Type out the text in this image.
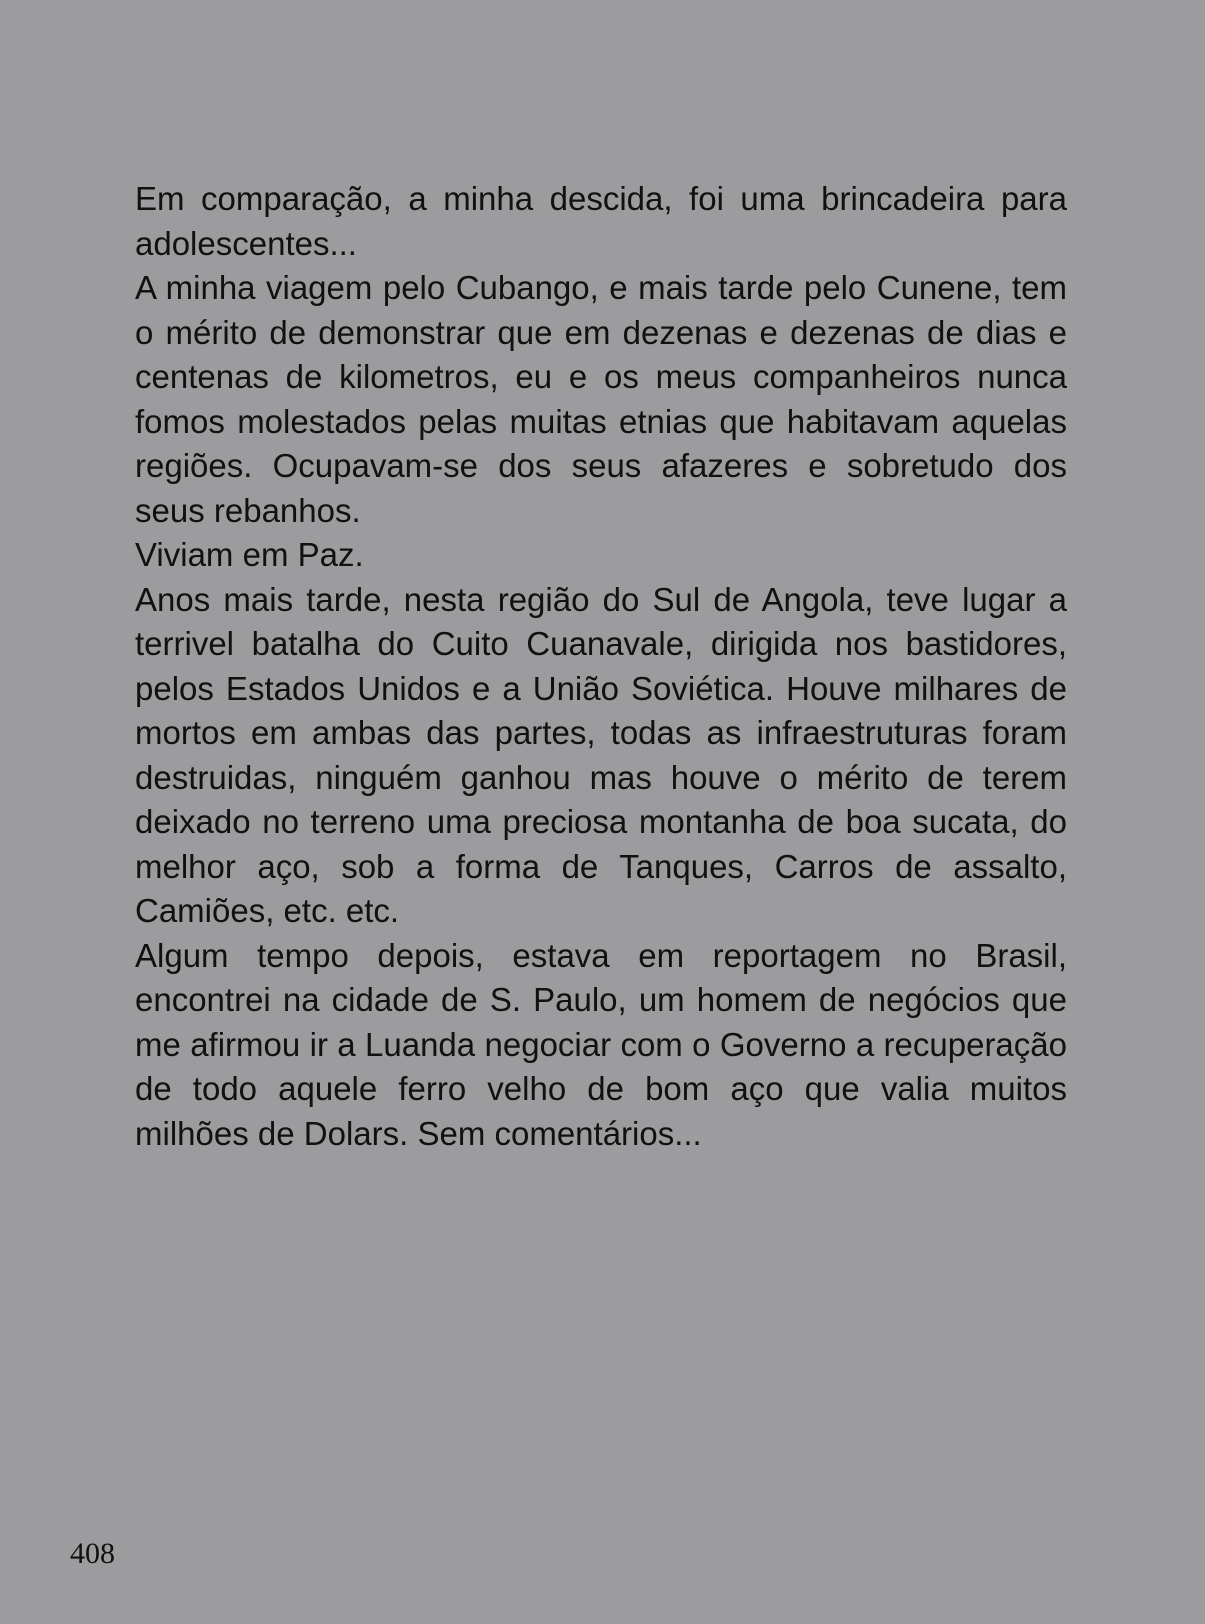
Em comparação, a minha descida, foi uma brincadeira para adolescentes...

A minha viagem pelo Cubango, e mais tarde pelo Cunene, tem o mérito de demonstrar que em dezenas e dezenas de dias e centenas de kilometros, eu e os meus companheiros nunca fomos molestados pelas muitas etnias que habitavam aquelas regiões. Ocupavam-se dos seus afazeres e sobretudo dos seus rebanhos.

Viviam em Paz.

Anos mais tarde, nesta região do Sul de Angola, teve lugar a terrivel batalha do Cuito Cuanavale, dirigida nos bastidores, pelos Estados Unidos e a União Soviética. Houve milhares de mortos em ambas das partes, todas as infraestruturas foram destruidas, ninguém ganhou mas houve o mérito de terem deixado no terreno uma preciosa montanha de boa sucata, do melhor aço, sob a forma de Tanques, Carros de assalto, Camiões, etc. etc.

Algum tempo depois, estava em reportagem no Brasil, encontrei na cidade de S. Paulo, um homem de negócios que me afirmou ir a Luanda negociar com o Governo a recuperação de todo aquele ferro velho de bom aço que valia muitos milhões de Dolars. Sem comentários...

408
